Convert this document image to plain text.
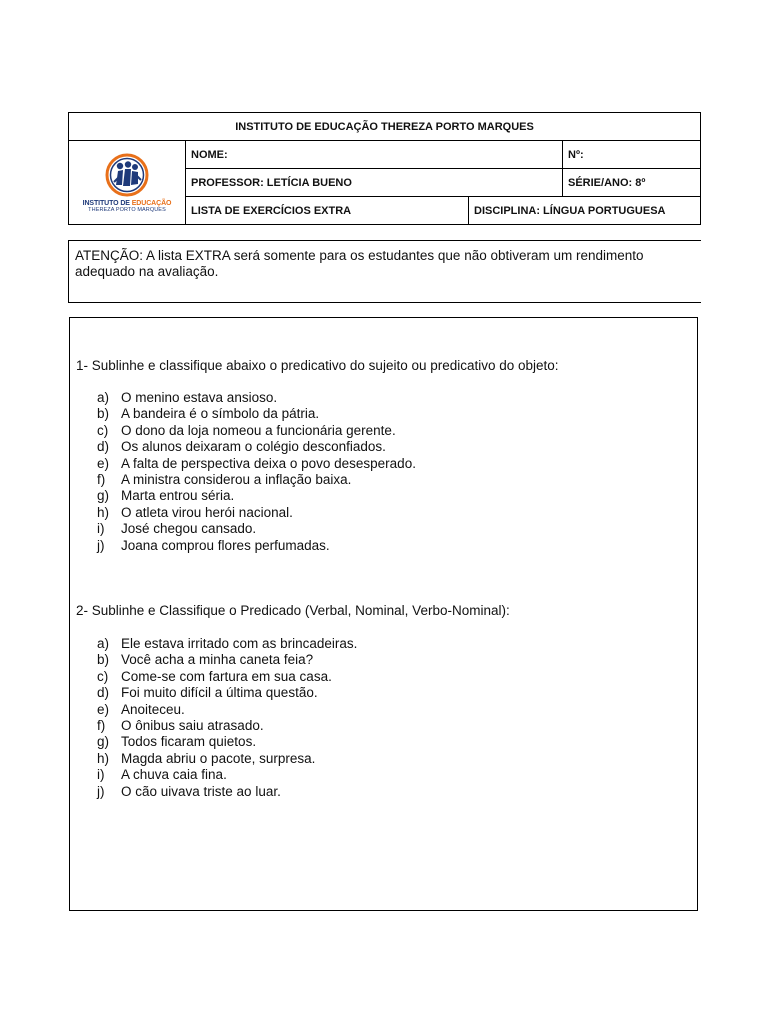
INSTITUTO DE EDUCAÇÃO THEREZA PORTO MARQUES			

INSTITUTO DE EDUCAÇÃO
THEREZA PORTO MARQUES	NOME:		Nº:
	PROFESSOR: LETÍCIA BUENO		SÉRIE/ANO: 8º
	LISTA DE EXERCÍCIOS EXTRA	DISCIPLINA: LÍNGUA PORTUGUESA	
ATENÇÃO: A lista EXTRA será somente para os estudantes que não obtiveram um rendimento adequado na avaliação.
1- Sublinhe e classifique abaixo o predicativo do sujeito ou predicativo do objeto:
a) O menino estava ansioso.
b) A bandeira é o símbolo da pátria.
c) O dono da loja nomeou a funcionária gerente.
d) Os alunos deixaram o colégio desconfiados.
e) A falta de perspectiva deixa o povo desesperado.
f)	A ministra considerou a inflação baixa.
g) Marta entrou séria.
h) O atleta virou herói nacional.
i)	José chegou cansado.
j)	Joana comprou flores perfumadas.
2- Sublinhe e Classifique o Predicado (Verbal, Nominal, Verbo-Nominal):
a) Ele estava irritado com as brincadeiras.
b) Você acha a minha caneta feia?
c) Come-se com fartura em sua casa.
d) Foi muito difícil a última questão.
e) Anoiteceu.
f)	O ônibus saiu atrasado.
g) Todos ficaram quietos.
h) Magda abriu o pacote, surpresa.
i)	A chuva caia fina.
j)	O cão uivava triste ao luar.
